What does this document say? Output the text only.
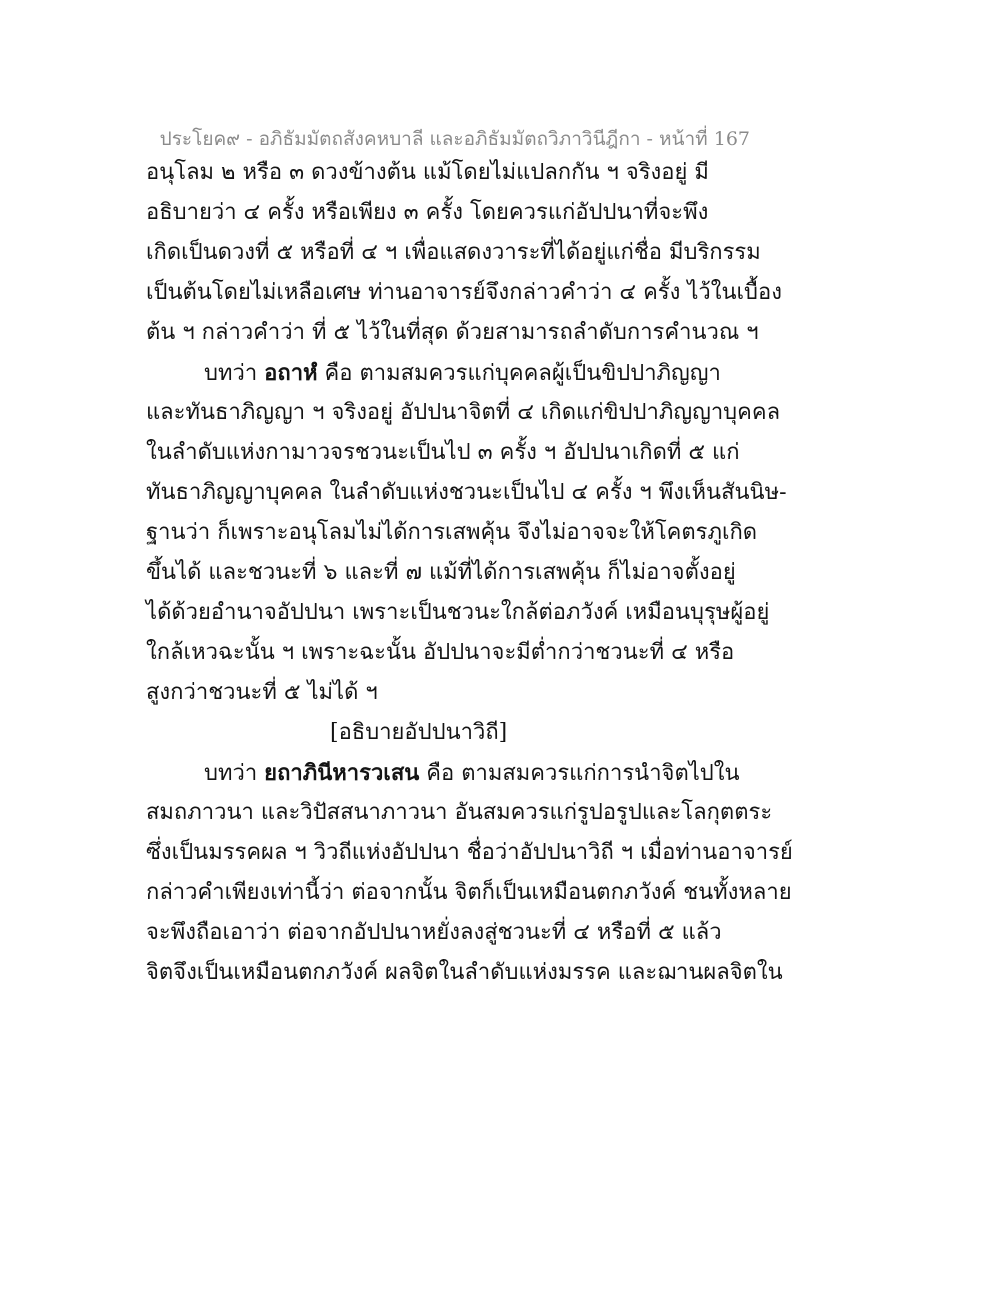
ประโยค๙ - อภิธัมมัตถสังคหบาลี และอภิธัมมัตถวิภาวินีฎีกา - หน้าที่ 167
อนุโลม ๒ หรือ ๓ ดวงข้างต้น แม้โดยไม่แปลกกัน ฯ จริงอยู่ มี
อธิบายว่า ๔ ครั้ง หรือเพียง ๓ ครั้ง โดยควรแก่อัปปนาที่จะพึง
เกิดเป็นดวงที่ ๕ หรือที่ ๔ ฯ เพื่อแสดงวาระที่ได้อยู่แก่ชื่อ มีบริกรรม
เป็นต้นโดยไม่เหลือเศษ ท่านอาจารย์จึงกล่าวคำว่า ๔ ครั้ง ไว้ในเบื้อง
ต้น ฯ กล่าวคำว่า ที่ ๕ ไว้ในที่สุด ด้วยสามารถลำดับการคำนวณ ฯ
บทว่า อถาหํ คือ ตามสมควรแก่บุคคลผู้เป็นขิปปาภิญญา
และทันธาภิญญา ฯ จริงอยู่ อัปปนาจิตที่ ๔ เกิดแก่ขิปปาภิญญาบุคคล
ในลำดับแห่งกามาวจรชวนะเป็นไป ๓ ครั้ง ฯ อัปปนาเกิดที่ ๕ แก่
ทันธาภิญญาบุคคล ในลำดับแห่งชวนะเป็นไป ๔ ครั้ง ฯ พึงเห็นสันนิษ-
ฐานว่า ก็เพราะอนุโลมไม่ได้การเสพคุ้น จึงไม่อาจจะให้โคตรภูเกิด
ขึ้นได้ และชวนะที่ ๖ และที่ ๗ แม้ที่ได้การเสพคุ้น ก็ไม่อาจตั้งอยู่
ได้ด้วยอำนาจอัปปนา เพราะเป็นชวนะใกล้ต่อภวังค์ เหมือนบุรุษผู้อยู่
ใกล้เหวฉะนั้น ฯ เพราะฉะนั้น อัปปนาจะมีต่ำกว่าชวนะที่ ๔ หรือ
สูงกว่าชวนะที่ ๕ ไม่ได้ ฯ
[อธิบายอัปปนาวิถี]
บทว่า ยถาภินีหารวเสน คือ ตามสมควรแก่การนำจิตไปใน
สมถภาวนา และวิปัสสนาภาวนา อันสมควรแก่รูปอรูปและโลกุตตระ
ซึ่งเป็นมรรคผล ฯ วิวถีแห่งอัปปนา ชื่อว่าอัปปนาวิถี ฯ เมื่อท่านอาจารย์
กล่าวคำเพียงเท่านี้ว่า ต่อจากนั้น จิตก็เป็นเหมือนตกภวังค์ ชนทั้งหลาย
จะพึงถือเอาว่า ต่อจากอัปปนาหยั่งลงสู่ชวนะที่ ๔ หรือที่ ๕ แล้ว
จิตจึงเป็นเหมือนตกภวังค์ ผลจิตในลำดับแห่งมรรค และฌานผลจิตใน
